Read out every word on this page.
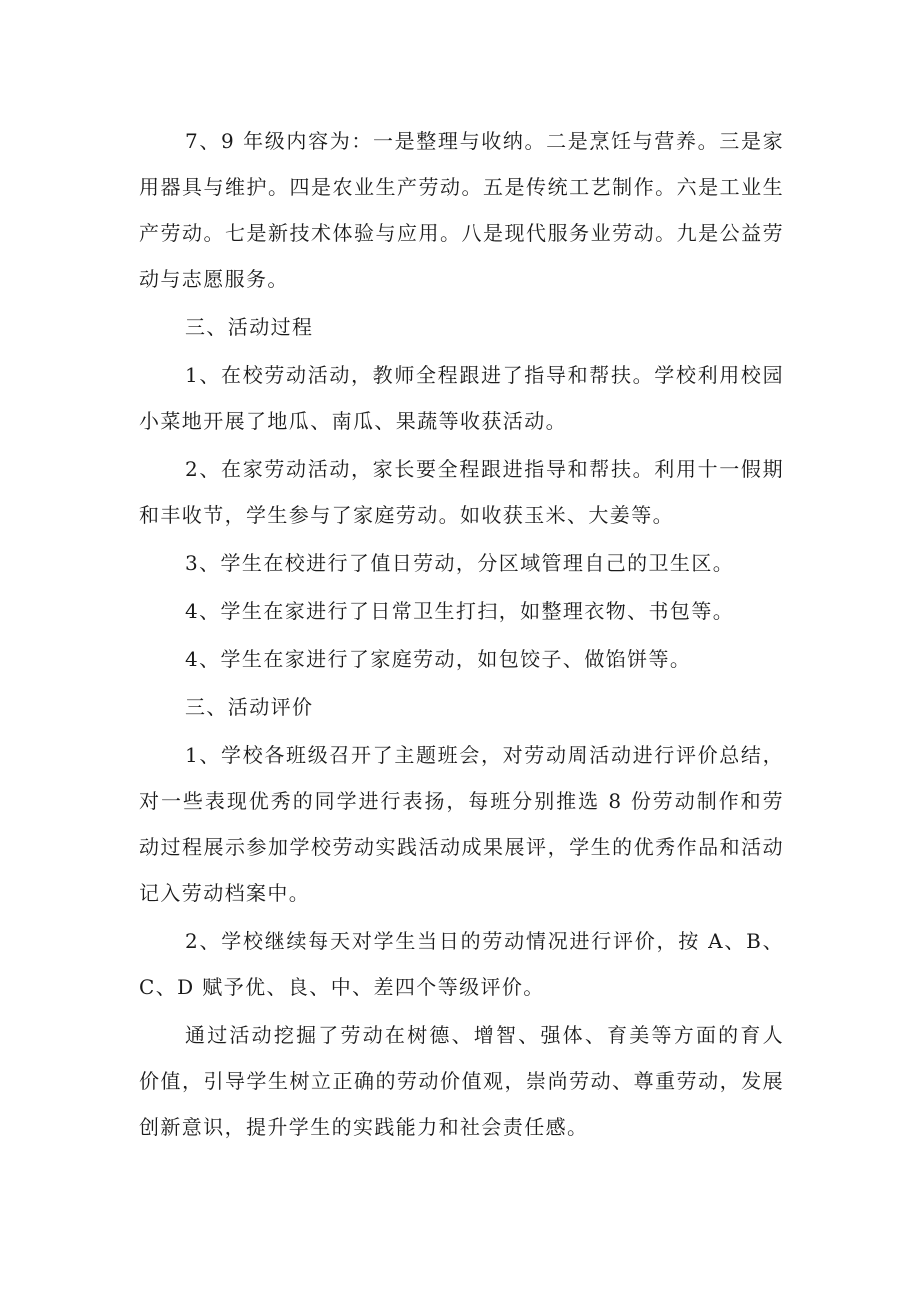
7、9 年级内容为：一是整理与收纳。二是烹饪与营养。三是家用器具与维护。四是农业生产劳动。五是传统工艺制作。六是工业生产劳动。七是新技术体验与应用。八是现代服务业劳动。九是公益劳动与志愿服务。

三、活动过程

1、在校劳动活动，教师全程跟进了指导和帮扶。学校利用校园小菜地开展了地瓜、南瓜、果蔬等收获活动。

2、在家劳动活动，家长要全程跟进指导和帮扶。利用十一假期和丰收节，学生参与了家庭劳动。如收获玉米、大姜等。

3、学生在校进行了值日劳动，分区域管理自己的卫生区。

4、学生在家进行了日常卫生打扫，如整理衣物、书包等。

4、学生在家进行了家庭劳动，如包饺子、做馅饼等。

三、活动评价

1、学校各班级召开了主题班会，对劳动周活动进行评价总结，对一些表现优秀的同学进行表扬，每班分别推选 8 份劳动制作和劳动过程展示参加学校劳动实践活动成果展评，学生的优秀作品和活动记入劳动档案中。

2、学校继续每天对学生当日的劳动情况进行评价，按 A、B、C、D 赋予优、良、中、差四个等级评价。

通过活动挖掘了劳动在树德、增智、强体、育美等方面的育人价值，引导学生树立正确的劳动价值观，崇尚劳动、尊重劳动，发展创新意识，提升学生的实践能力和社会责任感。
